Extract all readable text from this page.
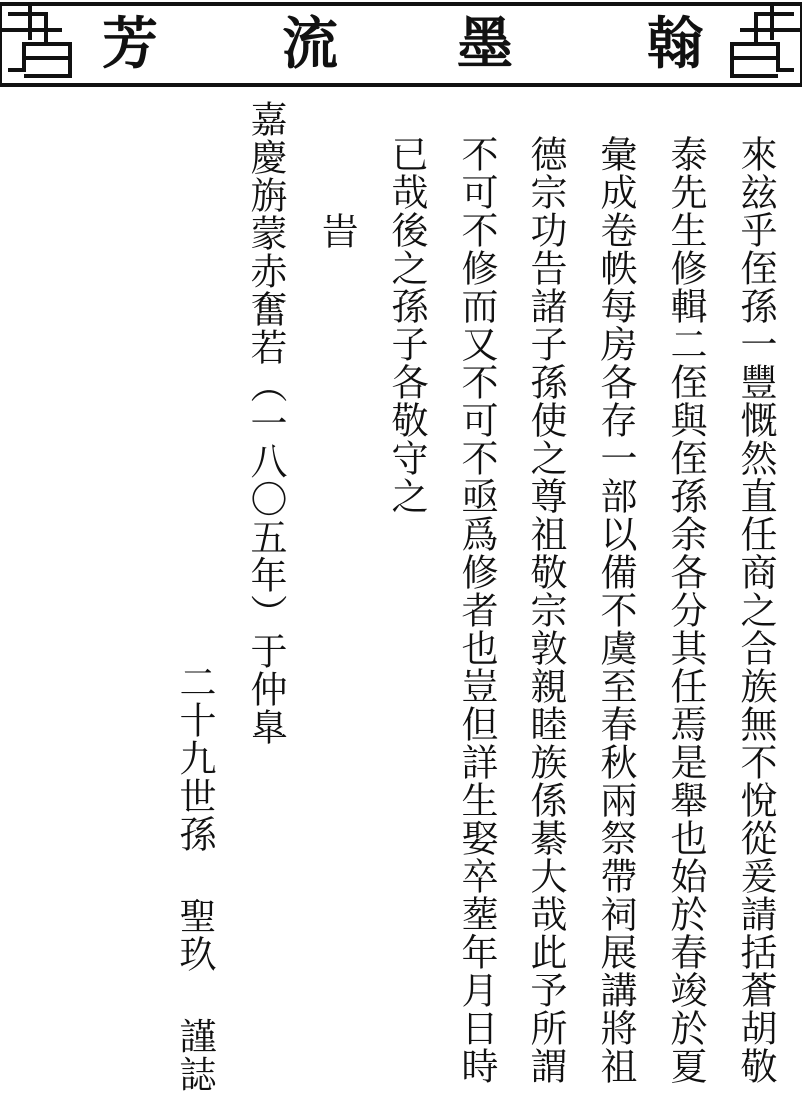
芳 流 墨 翰
來玆乎侄孫一豐慨然直任商之合族無不悅從爰請括蒼胡敬
泰先生修輯二侄與侄孫余各分其任焉是舉也始於春竣於夏
彙成卷帙每房各存一部以備不虞至春秋兩祭帶祠展講將祖
德宗功告諸子孫使之尊祖敬宗敦親睦族係綦大哉此予所謂
不可不修而又不可不亟爲修者也豈但詳生娶卒塟年月日時
已哉後之孫子各敬守之
旹
嘉慶旃蒙赤奮若（一八〇五年）于仲臯
二十九世孫 聖玖 謹誌
